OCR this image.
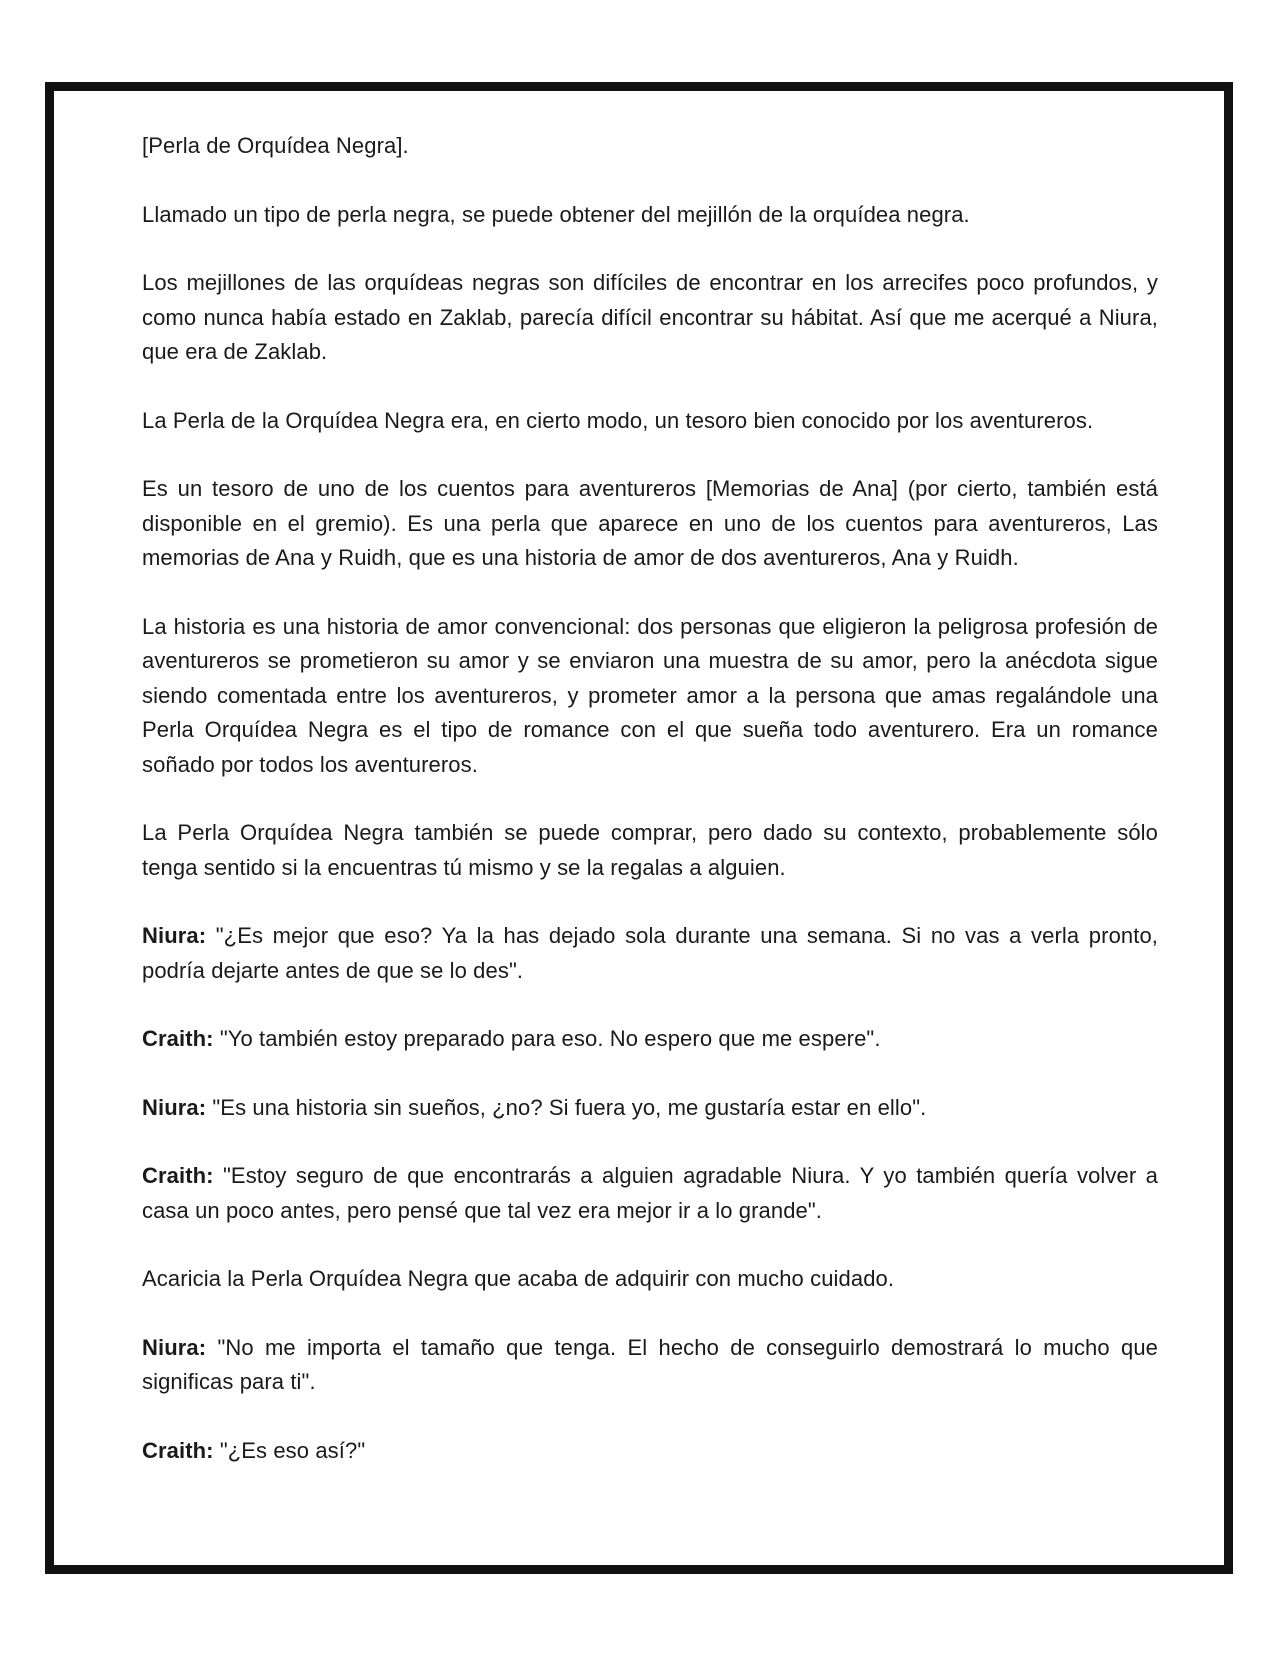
[Perla de Orquídea Negra].

Llamado un tipo de perla negra, se puede obtener del mejillón de la orquídea negra.

Los mejillones de las orquídeas negras son difíciles de encontrar en los arrecifes poco profundos, y como nunca había estado en Zaklab, parecía difícil encontrar su hábitat. Así que me acerqué a Niura, que era de Zaklab.

La Perla de la Orquídea Negra era, en cierto modo, un tesoro bien conocido por los aventureros.

Es un tesoro de uno de los cuentos para aventureros [Memorias de Ana] (por cierto, también está disponible en el gremio). Es una perla que aparece en uno de los cuentos para aventureros, Las memorias de Ana y Ruidh, que es una historia de amor de dos aventureros, Ana y Ruidh.

La historia es una historia de amor convencional: dos personas que eligieron la peligrosa profesión de aventureros se prometieron su amor y se enviaron una muestra de su amor, pero la anécdota sigue siendo comentada entre los aventureros, y prometer amor a la persona que amas regalándole una Perla Orquídea Negra es el tipo de romance con el que sueña todo aventurero. Era un romance soñado por todos los aventureros.

La Perla Orquídea Negra también se puede comprar, pero dado su contexto, probablemente sólo tenga sentido si la encuentras tú mismo y se la regalas a alguien.

Niura: "¿Es mejor que eso? Ya la has dejado sola durante una semana. Si no vas a verla pronto, podría dejarte antes de que se lo des".

Craith: "Yo también estoy preparado para eso. No espero que me espere".

Niura: "Es una historia sin sueños, ¿no? Si fuera yo, me gustaría estar en ello".

Craith: "Estoy seguro de que encontrarás a alguien agradable Niura. Y yo también quería volver a casa un poco antes, pero pensé que tal vez era mejor ir a lo grande".

Acaricia la Perla Orquídea Negra que acaba de adquirir con mucho cuidado.

Niura: "No me importa el tamaño que tenga. El hecho de conseguirlo demostrará lo mucho que significas para ti".

Craith: "¿Es eso así?"
